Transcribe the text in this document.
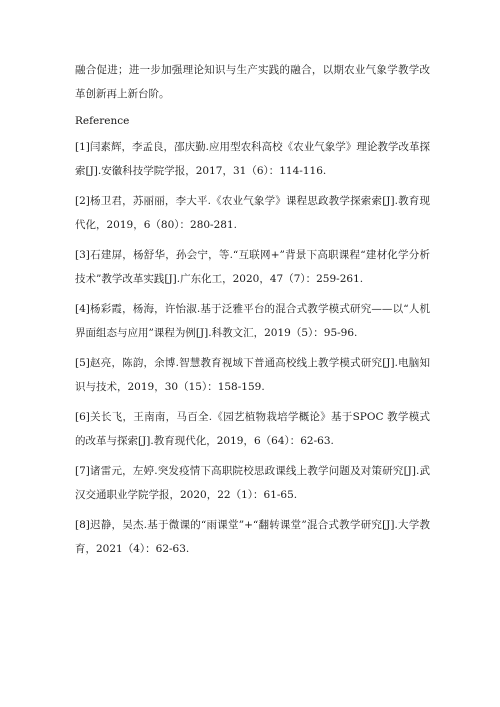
融合促进；进一步加强理论知识与生产实践的融合，以期农业气象学教学改革创新再上新台阶。

Reference

[1]闫素辉，李孟良，邵庆勤.应用型农科高校《农业气象学》理论教学改革探索[J].安徽科技学院学报，2017，31（6）：114-116.
[2]杨卫君，苏丽丽，李大平.《农业气象学》课程思政教学探索索[J].教育现代化，2019，6（80）：280-281.
[3]石建屏，杨舒华，孙会宁，等.“互联网+”背景下高职课程“建材化学分析技术”教学改革实践[J].广东化工，2020，47（7）：259-261.
[4]杨彩霞，杨海，许怡淑.基于泛雅平台的混合式教学模式研究——以“人机界面组态与应用”课程为例[J].科教文汇，2019（5）：95-96.
[5]赵亮，陈韵，余博.智慧教育视域下普通高校线上教学模式研究[J].电脑知识与技术，2019，30（15）：158-159.
[6]关长飞，王南南，马百全.《园艺植物栽培学概论》基于SPOC 教学模式的改革与探索[J].教育现代化，2019，6（64）：62-63.
[7]诸雷元，左婷.突发疫情下高职院校思政课线上教学问题及对策研究[J].武汉交通职业学院学报，2020，22（1）：61-65.
[8]迟静，吴杰.基于微课的“雨课堂”+“翻转课堂”混合式教学研究[J].大学教育，2021（4）：62-63.
